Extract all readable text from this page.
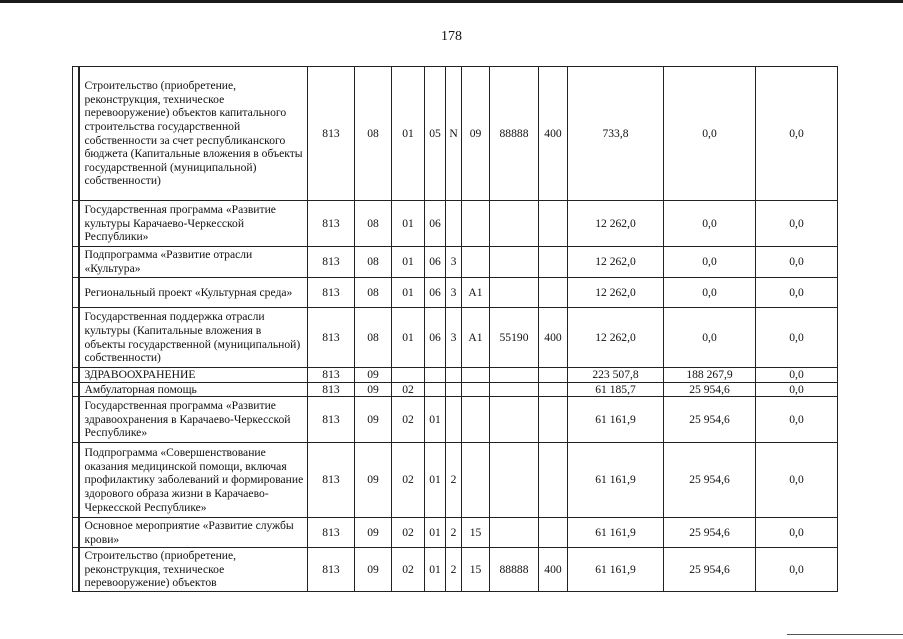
178
	Строительство (приобретение, реконструкция, техническое перевооружение) объектов капитального строительства государственной собственности за счет республиканского бюджета (Капитальные вложения в объекты государственной (муниципальной) собственности)	813	08	01	05	N	09	88888	400	733,8	0,0	0,0
	Государственная программа «Развитие культуры Карачаево-Черкесской Республики»	813	08	01	06					12 262,0	0,0	0,0
	Подпрограмма «Развитие отрасли «Культура»	813	08	01	06	3				12 262,0	0,0	0,0
	Региональный проект «Культурная среда»	813	08	01	06	3	A1			12 262,0	0,0	0,0
	Государственная поддержка отрасли культуры (Капитальные вложения в объекты государственной (муниципальной) собственности)	813	08	01	06	3	A1	55190	400	12 262,0	0,0	0,0
	ЗДРАВООХРАНЕНИЕ	813	09							223 507,8	188 267,9	0,0
	Амбулаторная помощь	813	09	02						61 185,7	25 954,6	0,0
	Государственная программа «Развитие здравоохранения в Карачаево-Черкесской Республике»	813	09	02	01					61 161,9	25 954,6	0,0
	Подпрограмма «Совершенствование оказания медицинской помощи, включая профилактику заболеваний и формирование здорового образа жизни в Карачаево-Черкесской Республике»	813	09	02	01	2				61 161,9	25 954,6	0,0
	Основное мероприятие «Развитие службы крови»	813	09	02	01	2	15			61 161,9	25 954,6	0,0
	Строительство (приобретение, реконструкция, техническое перевооружение) объектов	813	09	02	01	2	15	88888	400	61 161,9	25 954,6	0,0
